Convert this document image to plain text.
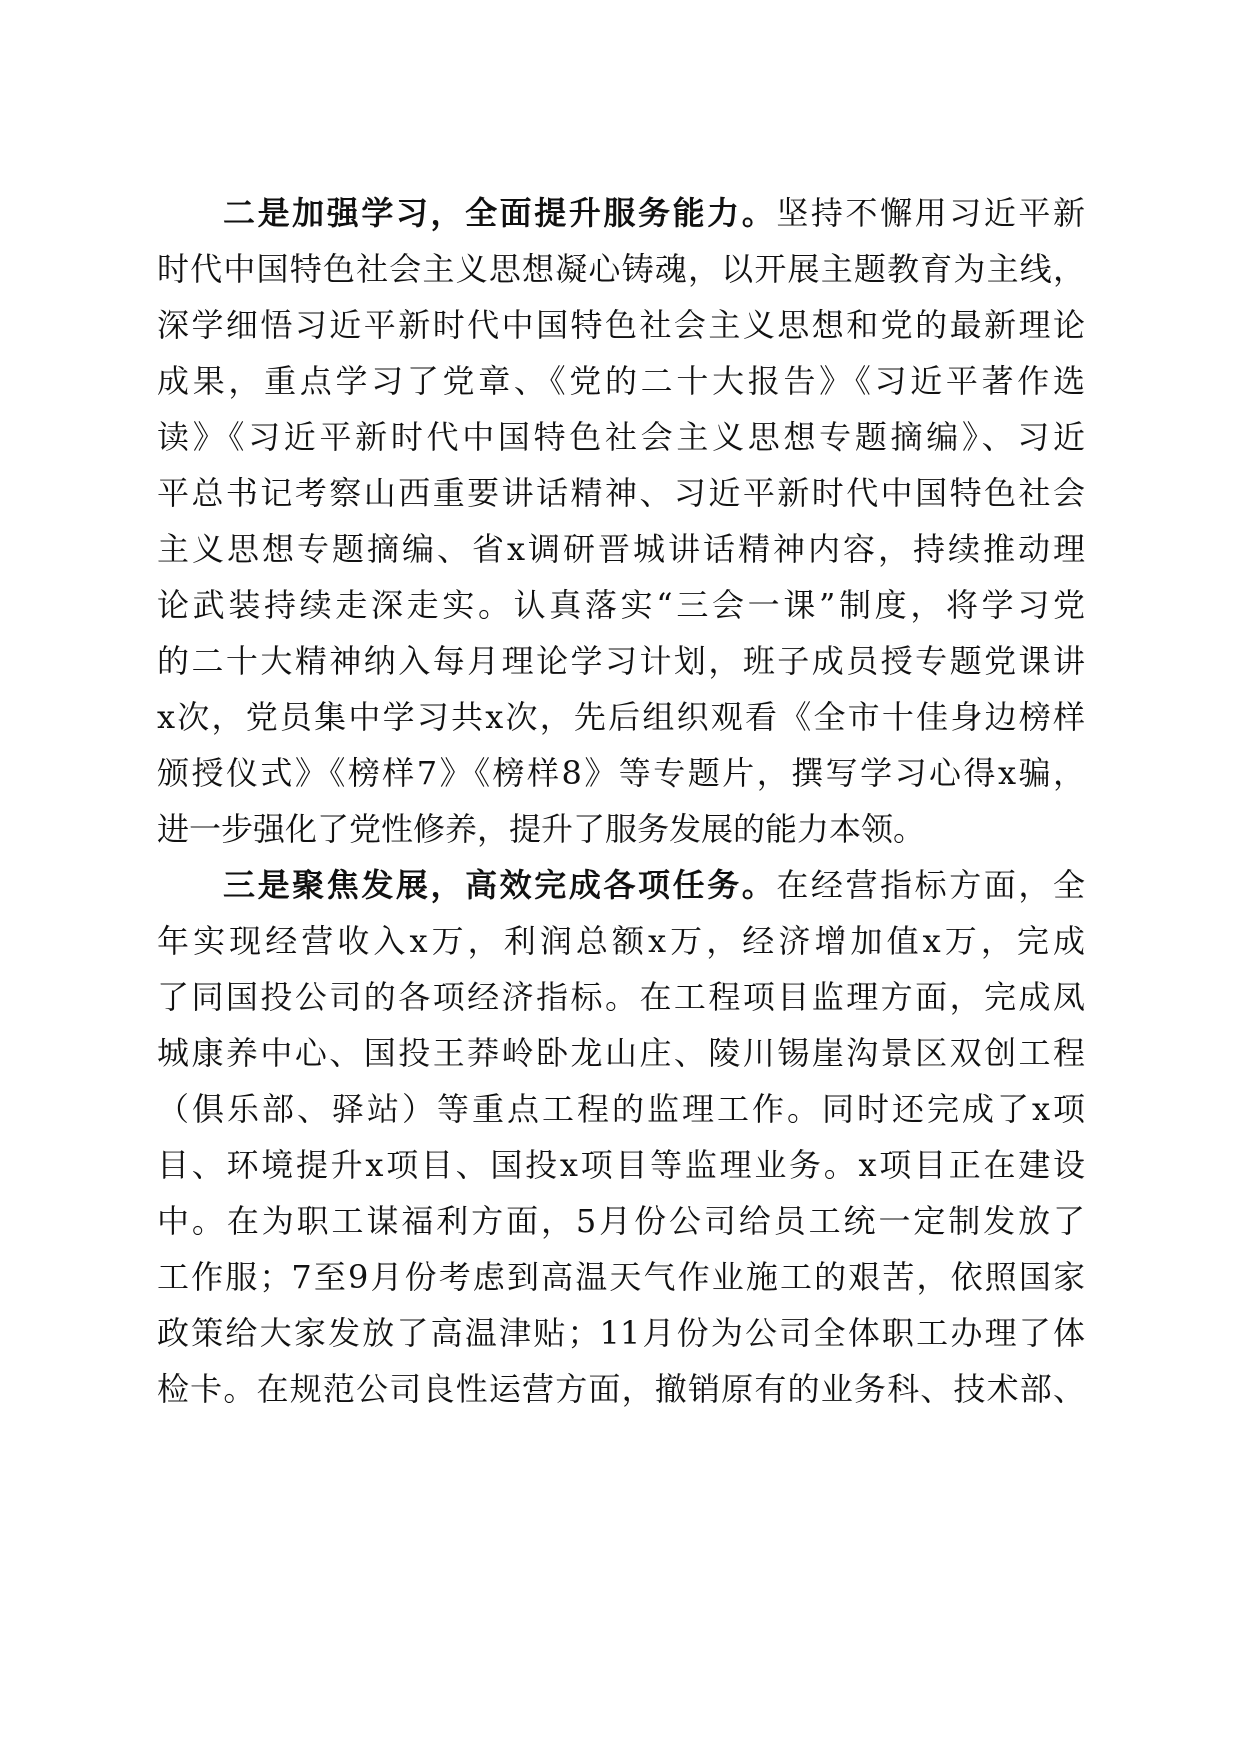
二是加强学习，全面提升服务能力。坚持不懈用习近平新
时代中国特色社会主义思想凝心铸魂，以开展主题教育为主线，
深学细悟习近平新时代中国特色社会主义思想和党的最新理论
成果，重点学习了党章、《党的二十大报告》《习近平著作选
读》《习近平新时代中国特色社会主义思想专题摘编》、习近
平总书记考察山西重要讲话精神、习近平新时代中国特色社会
主义思想专题摘编、省x调研晋城讲话精神内容，持续推动理
论武装持续走深走实。认真落实“三会一课”制度，将学习党
的二十大精神纳入每月理论学习计划，班子成员授专题党课讲
x次，党员集中学习共x次，先后组织观看《全市十佳身边榜样
颁授仪式》《榜样7》《榜样8》等专题片，撰写学习心得x骗，
进一步强化了党性修养，提升了服务发展的能力本领。
三是聚焦发展，高效完成各项任务。在经营指标方面，全
年实现经营收入x万，利润总额x万，经济增加值x万，完成
了同国投公司的各项经济指标。在工程项目监理方面，完成凤
城康养中心、国投王莽岭卧龙山庄、陵川锡崖沟景区双创工程
（俱乐部、驿站）等重点工程的监理工作。同时还完成了x项
目、环境提升x项目、国投x项目等监理业务。x项目正在建设
中。在为职工谋福利方面，5月份公司给员工统一定制发放了
工作服；7至9月份考虑到高温天气作业施工的艰苦，依照国家
政策给大家发放了高温津贴；11月份为公司全体职工办理了体
检卡。在规范公司良性运营方面，撤销原有的业务科、技术部、
